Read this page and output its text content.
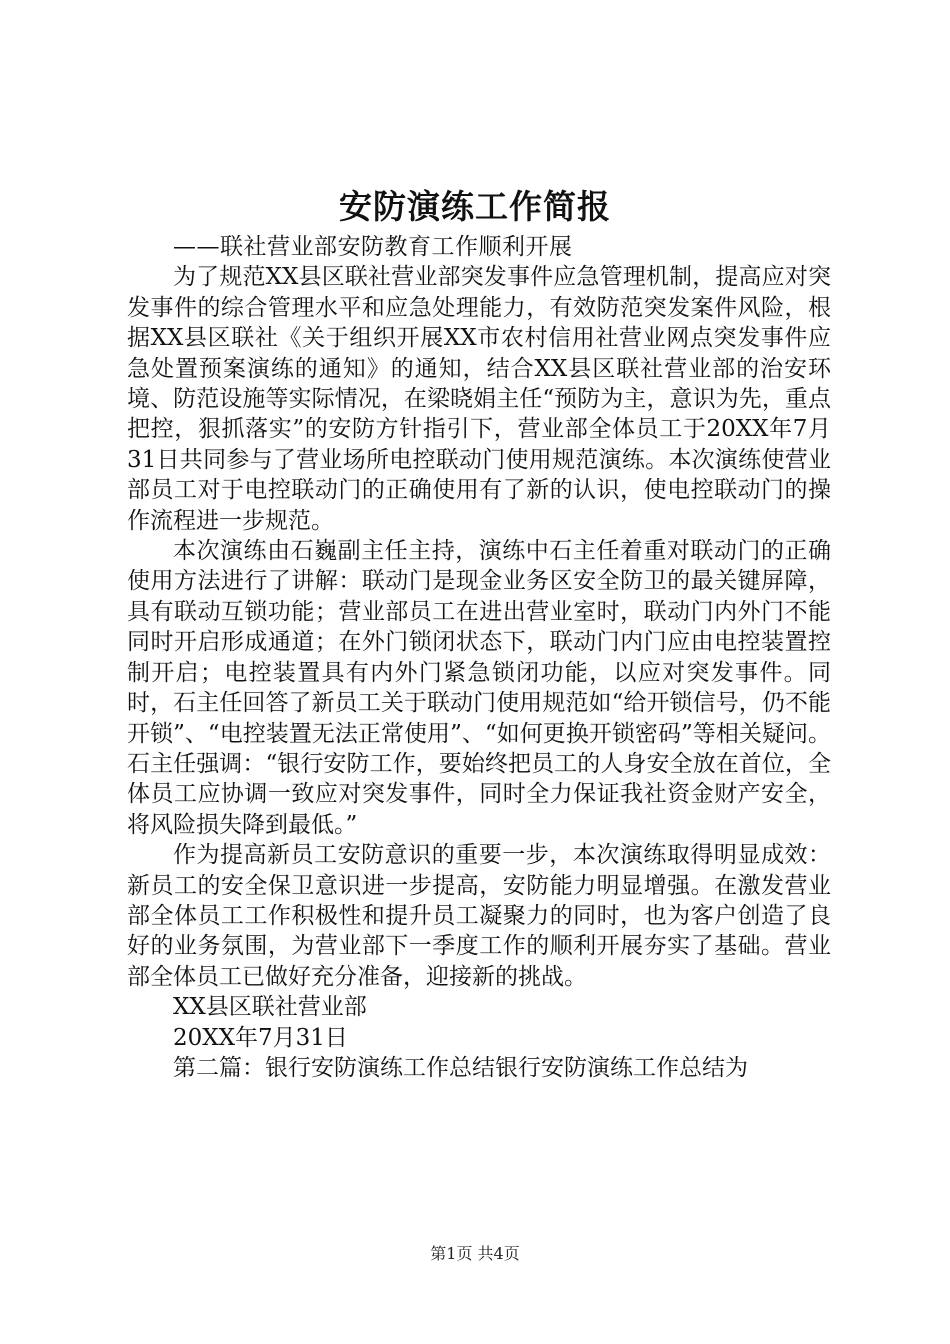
安防演练工作简报

——联社营业部安防教育工作顺利开展

为了规范XX县区联社营业部突发事件应急管理机制，提高应对突发事件的综合管理水平和应急处理能力，有效防范突发案件风险，根据XX县区联社《关于组织开展XX市农村信用社营业网点突发事件应急处置预案演练的通知》的通知，结合XX县区联社营业部的治安环境、防范设施等实际情况，在梁晓娟主任“预防为主，意识为先，重点把控，狠抓落实”的安防方针指引下，营业部全体员工于20XX年7月31日共同参与了营业场所电控联动门使用规范演练。本次演练使营业部员工对于电控联动门的正确使用有了新的认识，使电控联动门的操作流程进一步规范。

本次演练由石巍副主任主持，演练中石主任着重对联动门的正确使用方法进行了讲解：联动门是现金业务区安全防卫的最关键屏障，具有联动互锁功能；营业部员工在进出营业室时，联动门内外门不能同时开启形成通道；在外门锁闭状态下，联动门内门应由电控装置控制开启；电控装置具有内外门紧急锁闭功能，以应对突发事件。同时，石主任回答了新员工关于联动门使用规范如“给开锁信号，仍不能开锁”、“电控装置无法正常使用”、“如何更换开锁密码”等相关疑问。石主任强调：“银行安防工作，要始终把员工的人身安全放在首位，全体员工应协调一致应对突发事件，同时全力保证我社资金财产安全，将风险损失降到最低。”

作为提高新员工安防意识的重要一步，本次演练取得明显成效：新员工的安全保卫意识进一步提高，安防能力明显增强。在激发营业部全体员工工作积极性和提升员工凝聚力的同时，也为客户创造了良好的业务氛围，为营业部下一季度工作的顺利开展夯实了基础。营业部全体员工已做好充分准备，迎接新的挑战。

XX县区联社营业部

20XX年7月31日

第二篇：银行安防演练工作总结银行安防演练工作总结为

第1页 共4页
